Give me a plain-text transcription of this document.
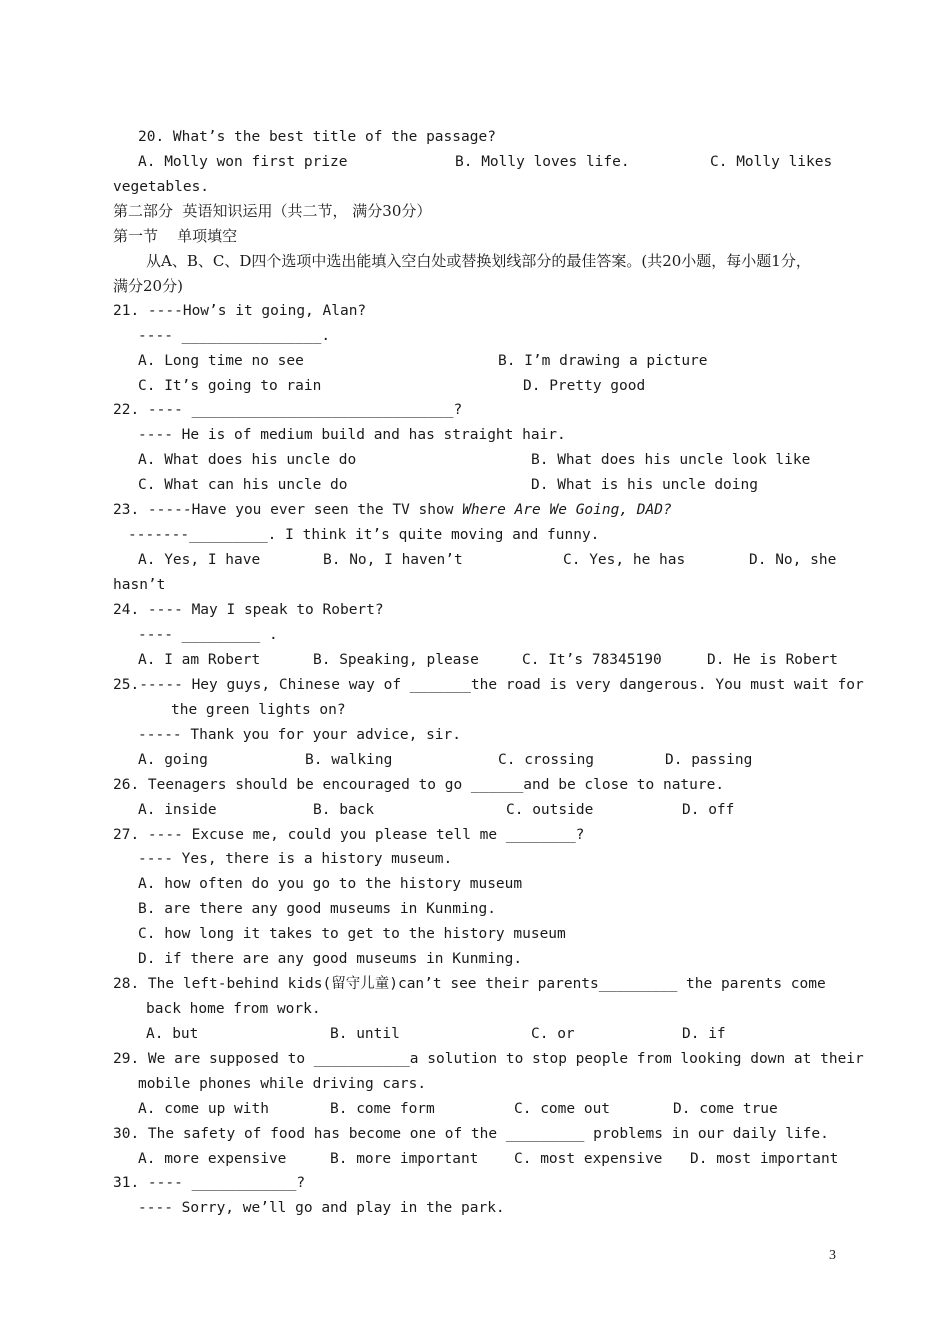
20. What’s the best title of the passage?
A. Molly won first prize	B. Molly loves life.	C. Molly likes
vegetables.
第二部分  英语知识运用（共二节， 满分30分）
第一节    单项填空
从A、B、C、D四个选项中选出能填入空白处或替换划线部分的最佳答案。(共20小题，每小题1分，
满分20分)
21. ----How’s it going, Alan?
---- ________________.
A. Long time no see	B. I’m drawing a picture
C. It’s going to rain	D. Pretty good
22. ---- ______________________________?
---- He is of medium build and has straight hair.
A. What does his uncle do	B. What does his uncle look like
C. What can his uncle do	D. What is his uncle doing
23. -----Have you ever seen the TV show Where Are We Going, DAD?
-------_________. I think it’s quite moving and funny.
A. Yes, I have	B. No, I haven’t	C. Yes, he has	D. No, she
hasn’t
24. ---- May I speak to Robert?
---- _________ .
A. I am Robert	B. Speaking, please	C. It’s 78345190	D. He is Robert
25.----- Hey guys, Chinese way of _______the road is very dangerous. You must wait for
the green lights on?
----- Thank you for your advice, sir.
A. going	B. walking	C. crossing	D. passing
26. Teenagers should be encouraged to go ______and be close to nature.
A. inside	B. back	C. outside	D. off
27. ---- Excuse me, could you please tell me ________?
---- Yes, there is a history museum.
A. how often do you go to the history museum
B. are there any good museums in Kunming.
C. how long it takes to get to the history museum
D. if there are any good museums in Kunming.
28. The left-behind kids(留守儿童)can’t see their parents_________ the parents come
back home from work.
A. but	B. until	C. or	D. if
29. We are supposed to ___________a solution to stop people from looking down at their
mobile phones while driving cars.
A. come up with	B. come form	C. come out	D. come true
30. The safety of food has become one of the _________ problems in our daily life.
A. more expensive	B. more important C. most expensive D. most important
31. ---- ____________?
---- Sorry, we’ll go and play in the park.
3
